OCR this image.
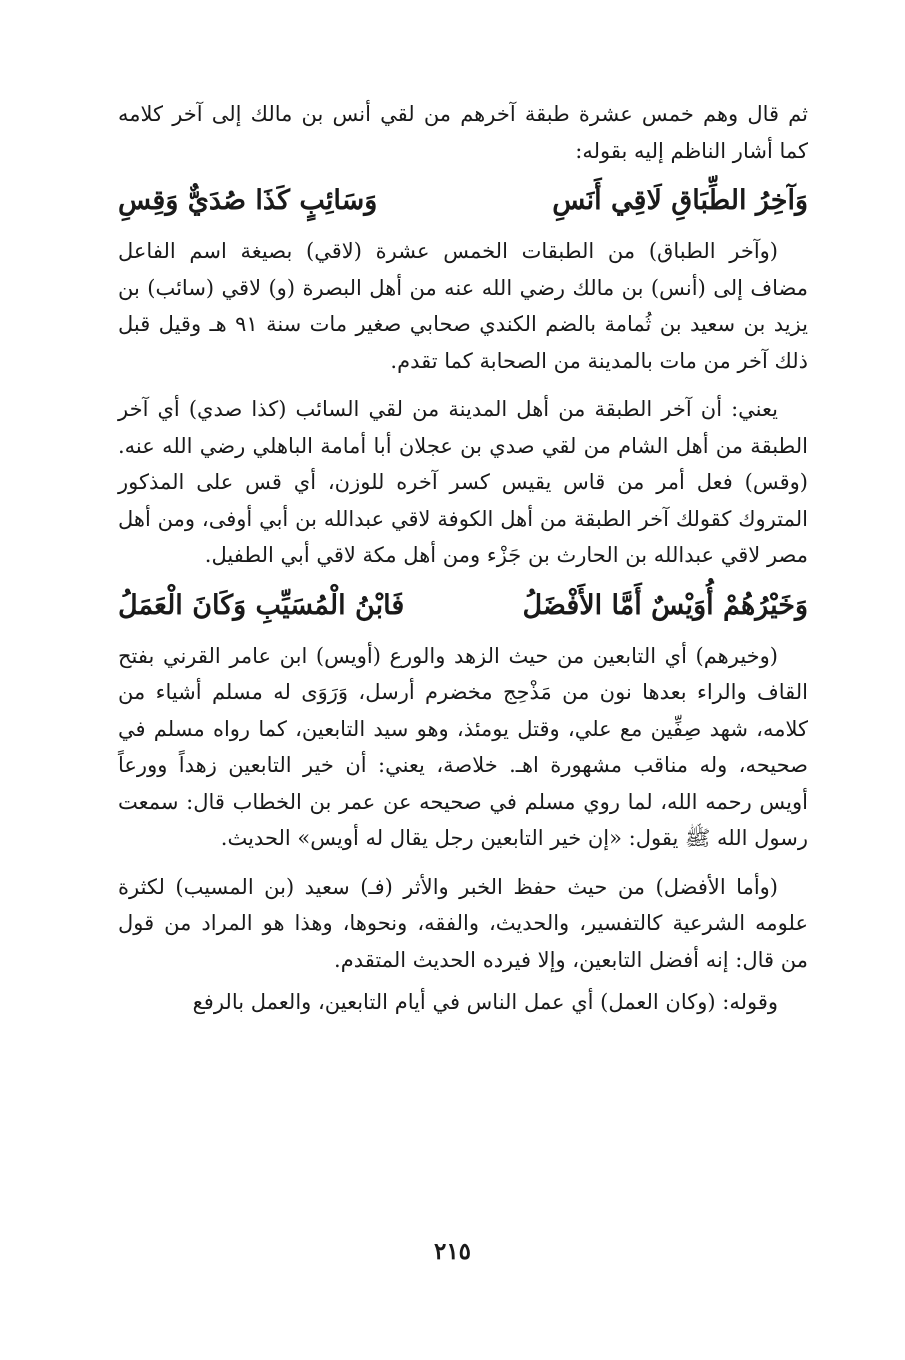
ثم قال وهم خمس عشرة طبقة آخرهم من لقي أنس بن مالك إلى آخر كلامه كما أشار الناظم إليه بقوله:

وَآخِرُ الطِّبَاقِ لَاقِي أَنَسِ
وَسَائِبٍ كَذَا صُدَيٌّ وَقِسِ

(وآخر الطباق) من الطبقات الخمس عشرة (لاقي) بصيغة اسم الفاعل مضاف إلى (أنس) بن مالك رضي الله عنه من أهل البصرة (و) لاقي (سائب) بن يزيد بن سعيد بن ثُمامة بالضم الكندي صحابي صغير مات سنة ٩١ هـ وقيل قبل ذلك آخر من مات بالمدينة من الصحابة كما تقدم.

يعني: أن آخر الطبقة من أهل المدينة من لقي السائب (كذا صدي) أي آخر الطبقة من أهل الشام من لقي صدي بن عجلان أبا أمامة الباهلي رضي الله عنه. (وقس) فعل أمر من قاس يقيس كسر آخره للوزن، أي قس على المذكور المتروك كقولك آخر الطبقة من أهل الكوفة لاقي عبدالله بن أبي أوفى، ومن أهل مصر لاقي عبدالله بن الحارث بن جَزْء ومن أهل مكة لاقي أبي الطفيل.

وَخَيْرُهُمْ أُوَيْسٌ أَمَّا الأَفْضَلُ
فَابْنُ الْمُسَيِّبِ وَكَانَ الْعَمَلُ

(وخيرهم) أي التابعين من حيث الزهد والورع (أويس) ابن عامر القرني بفتح القاف والراء بعدها نون من مَذْحِج مخضرم أرسل، وَرَوَى له مسلم أشياء من كلامه، شهد صِفِّين مع علي، وقتل يومئذ، وهو سيد التابعين، كما رواه مسلم في صحيحه، وله مناقب مشهورة اهـ. خلاصة، يعني: أن خير التابعين زهداً وورعاً أويس رحمه الله، لما روي مسلم في صحيحه عن عمر بن الخطاب قال: سمعت رسول الله ﷺ يقول: «إن خير التابعين رجل يقال له أويس» الحديث.

(وأما الأفضل) من حيث حفظ الخبر والأثر (فـ) سعيد (بن المسيب) لكثرة علومه الشرعية كالتفسير، والحديث، والفقه، ونحوها، وهذا هو المراد من قول من قال: إنه أفضل التابعين، وإلا فيرده الحديث المتقدم.

وقوله: (وكان العمل) أي عمل الناس في أيام التابعين، والعمل بالرفع

٢١٥
